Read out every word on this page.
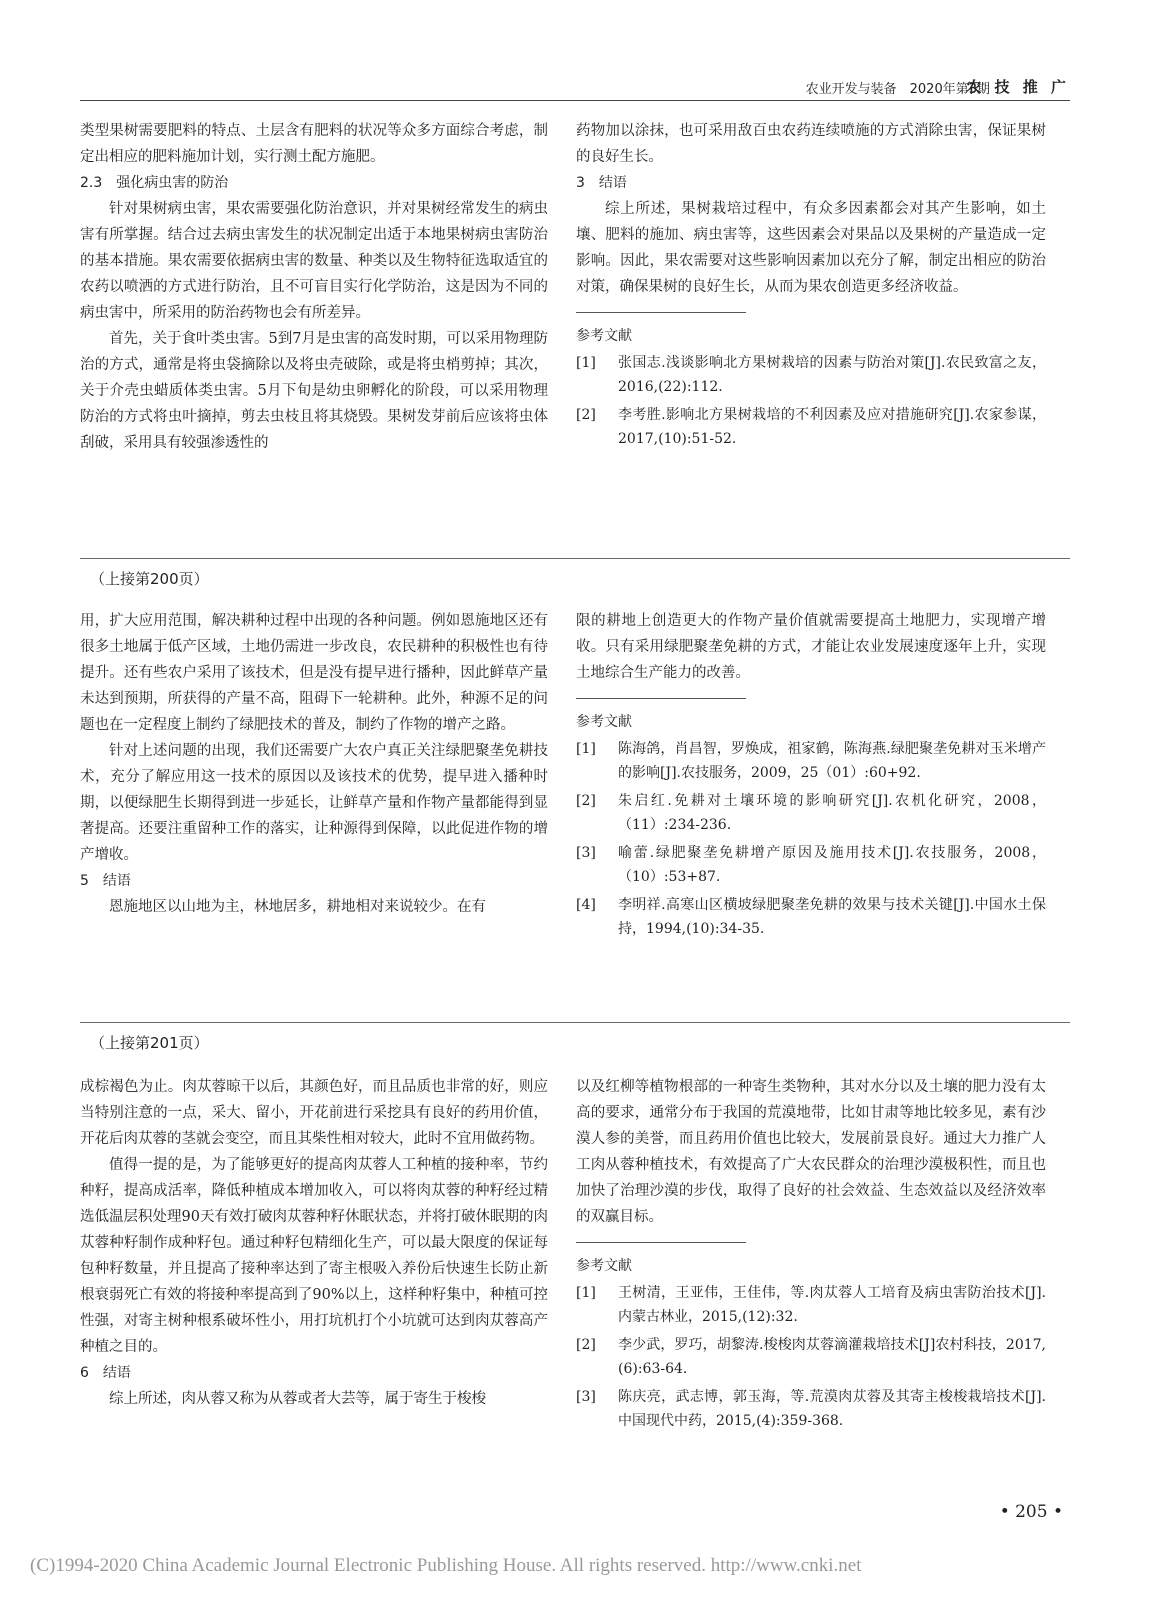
农业开发与装备　2020年第3期
农 技 推 广

类型果树需要肥料的特点、土层含有肥料的状况等众多方面综合考虑，制定出相应的肥料施加计划，实行测土配方施肥。

2.3　强化病虫害的防治

针对果树病虫害，果农需要强化防治意识，并对果树经常发生的病虫害有所掌握。结合过去病虫害发生的状况制定出适于本地果树病虫害防治的基本措施。果农需要依据病虫害的数量、种类以及生物特征选取适宜的农药以喷洒的方式进行防治，且不可盲目实行化学防治，这是因为不同的病虫害中，所采用的防治药物也会有所差异。

首先，关于食叶类虫害。5到7月是虫害的高发时期，可以采用物理防治的方式，通常是将虫袋摘除以及将虫壳破除，或是将虫梢剪掉；其次，关于介壳虫蜡质体类虫害。5月下旬是幼虫卵孵化的阶段，可以采用物理防治的方式将虫叶摘掉，剪去虫枝且将其烧毁。果树发芽前后应该将虫体刮破，采用具有较强渗透性的

药物加以涂抹，也可采用敌百虫农药连续喷施的方式消除虫害，保证果树的良好生长。

3　结语

综上所述，果树栽培过程中，有众多因素都会对其产生影响，如土壤、肥料的施加、病虫害等，这些因素会对果品以及果树的产量造成一定影响。因此，果农需要对这些影响因素加以充分了解，制定出相应的防治对策，确保果树的良好生长，从而为果农创造更多经济收益。

参考文献
[1]	张国志.浅谈影响北方果树栽培的因素与防治对策[J].农民致富之友，2016,(22):112.
[2]	李考胜.影响北方果树栽培的不利因素及应对措施研究[J].农家参谋，2017,(10):51-52.
（上接第200页）

用，扩大应用范围，解决耕种过程中出现的各种问题。例如恩施地区还有很多土地属于低产区域，土地仍需进一步改良，农民耕种的积极性也有待提升。还有些农户采用了该技术，但是没有提早进行播种，因此鲜草产量未达到预期，所获得的产量不高，阻碍下一轮耕种。此外，种源不足的问题也在一定程度上制约了绿肥技术的普及，制约了作物的增产之路。

针对上述问题的出现，我们还需要广大农户真正关注绿肥聚垄免耕技术，充分了解应用这一技术的原因以及该技术的优势，提早进入播种时期，以便绿肥生长期得到进一步延长，让鲜草产量和作物产量都能得到显著提高。还要注重留种工作的落实，让种源得到保障，以此促进作物的增产增收。

5　结语

恩施地区以山地为主，林地居多，耕地相对来说较少。在有

限的耕地上创造更大的作物产量价值就需要提高土地肥力，实现增产增收。只有采用绿肥聚垄免耕的方式，才能让农业发展速度逐年上升，实现土地综合生产能力的改善。

参考文献
[1]	陈海鸽，肖昌智，罗焕成，祖家鹤，陈海燕.绿肥聚垄免耕对玉米增产的影响[J].农技服务，2009，25（01）:60+92.
[2]	朱启红.免耕对土壤环境的影响研究[J].农机化研究，2008，（11）:234-236.
[3]	喻蕾.绿肥聚垄免耕增产原因及施用技术[J].农技服务，2008，（10）:53+87.
[4]	李明祥.高寒山区横坡绿肥聚垄免耕的效果与技术关键[J].中国水土保持，1994,(10):34-35.
（上接第201页）

成棕褐色为止。肉苁蓉晾干以后，其颜色好，而且品质也非常的好，则应当特别注意的一点，采大、留小，开花前进行采挖具有良好的药用价值，开花后肉苁蓉的茎就会变空，而且其柴性相对较大，此时不宜用做药物。

值得一提的是，为了能够更好的提高肉苁蓉人工种植的接种率，节约种籽，提高成活率，降低种植成本增加收入，可以将肉苁蓉的种籽经过精选低温层积处理90天有效打破肉苁蓉种籽休眠状态，并将打破休眠期的肉苁蓉种籽制作成种籽包。通过种籽包精细化生产，可以最大限度的保证每包种籽数量，并且提高了接种率达到了寄主根吸入养份后快速生长防止新根衰弱死亡有效的将接种率提高到了90%以上，这样种籽集中，种植可控性强，对寄主树种根系破坏性小，用打坑机打个小坑就可达到肉苁蓉高产种植之目的。

6　结语

综上所述，肉从蓉又称为从蓉或者大芸等，属于寄生于梭梭

以及红柳等植物根部的一种寄生类物种，其对水分以及土壤的肥力没有太高的要求，通常分布于我国的荒漠地带，比如甘肃等地比较多见，素有沙漠人参的美誉，而且药用价值也比较大，发展前景良好。通过大力推广人工肉从蓉种植技术，有效提高了广大农民群众的治理沙漠极积性，而且也加快了治理沙漠的步伐，取得了良好的社会效益、生态效益以及经济效率的双赢目标。

参考文献
[1]	王树清，王亚伟，王佳伟，等.肉苁蓉人工培育及病虫害防治技术[J].内蒙古林业，2015,(12):32.
[2]	李少武，罗巧，胡黎涛.梭梭肉苁蓉滴灌栽培技术[J]农村科技，2017,(6):63-64.
[3]	陈庆亮，武志博，郭玉海，等.荒漠肉苁蓉及其寄主梭梭栽培技术[J].中国现代中药，2015,(4):359-368.
• 205 •
(C)1994-2020 China Academic Journal Electronic Publishing House. All rights reserved. http://www.cnki.net
